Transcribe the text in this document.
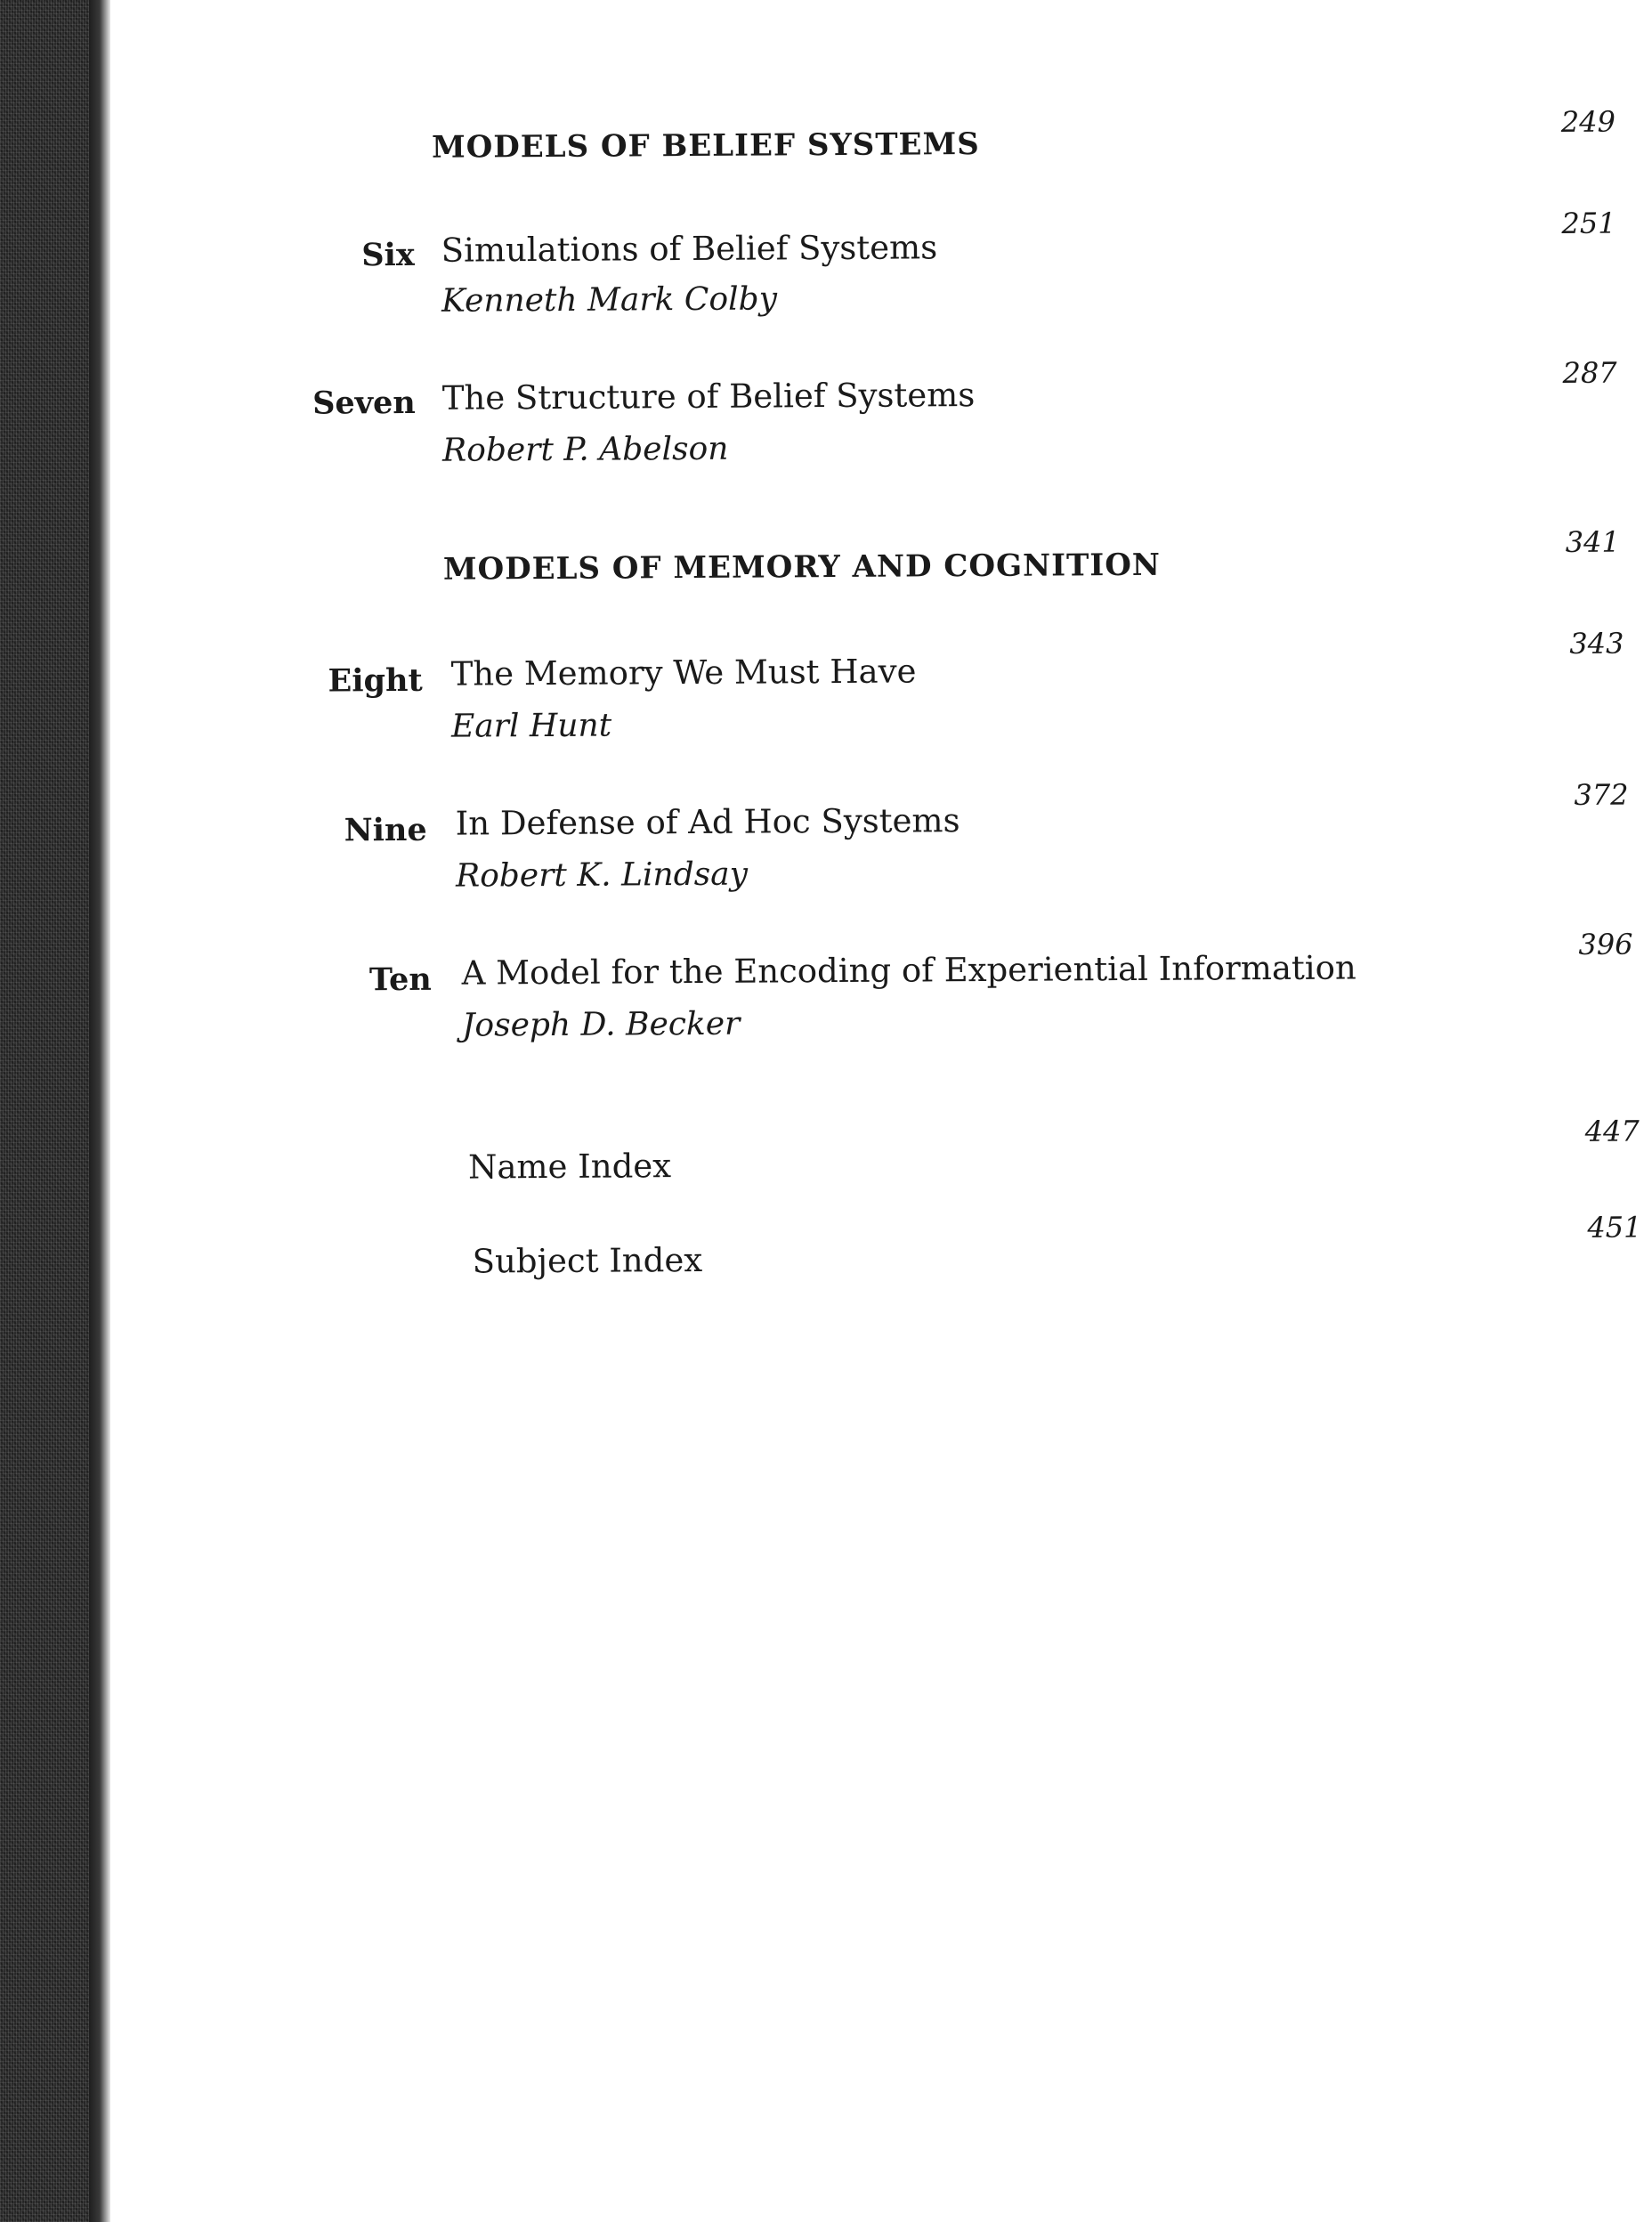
MODELS OF BELIEF SYSTEMS
249
Six Simulations of Belief Systems
Kenneth Mark Colby
251
Seven The Structure of Belief Systems
Robert P. Abelson
287
MODELS OF MEMORY AND COGNITION
341
Eight The Memory We Must Have
Earl Hunt
343
Nine In Defense of Ad Hoc Systems
Robert K. Lindsay
372
Ten A Model for the Encoding of Experiential Information
Joseph D. Becker
396
Name Index
447
Subject Index
451
